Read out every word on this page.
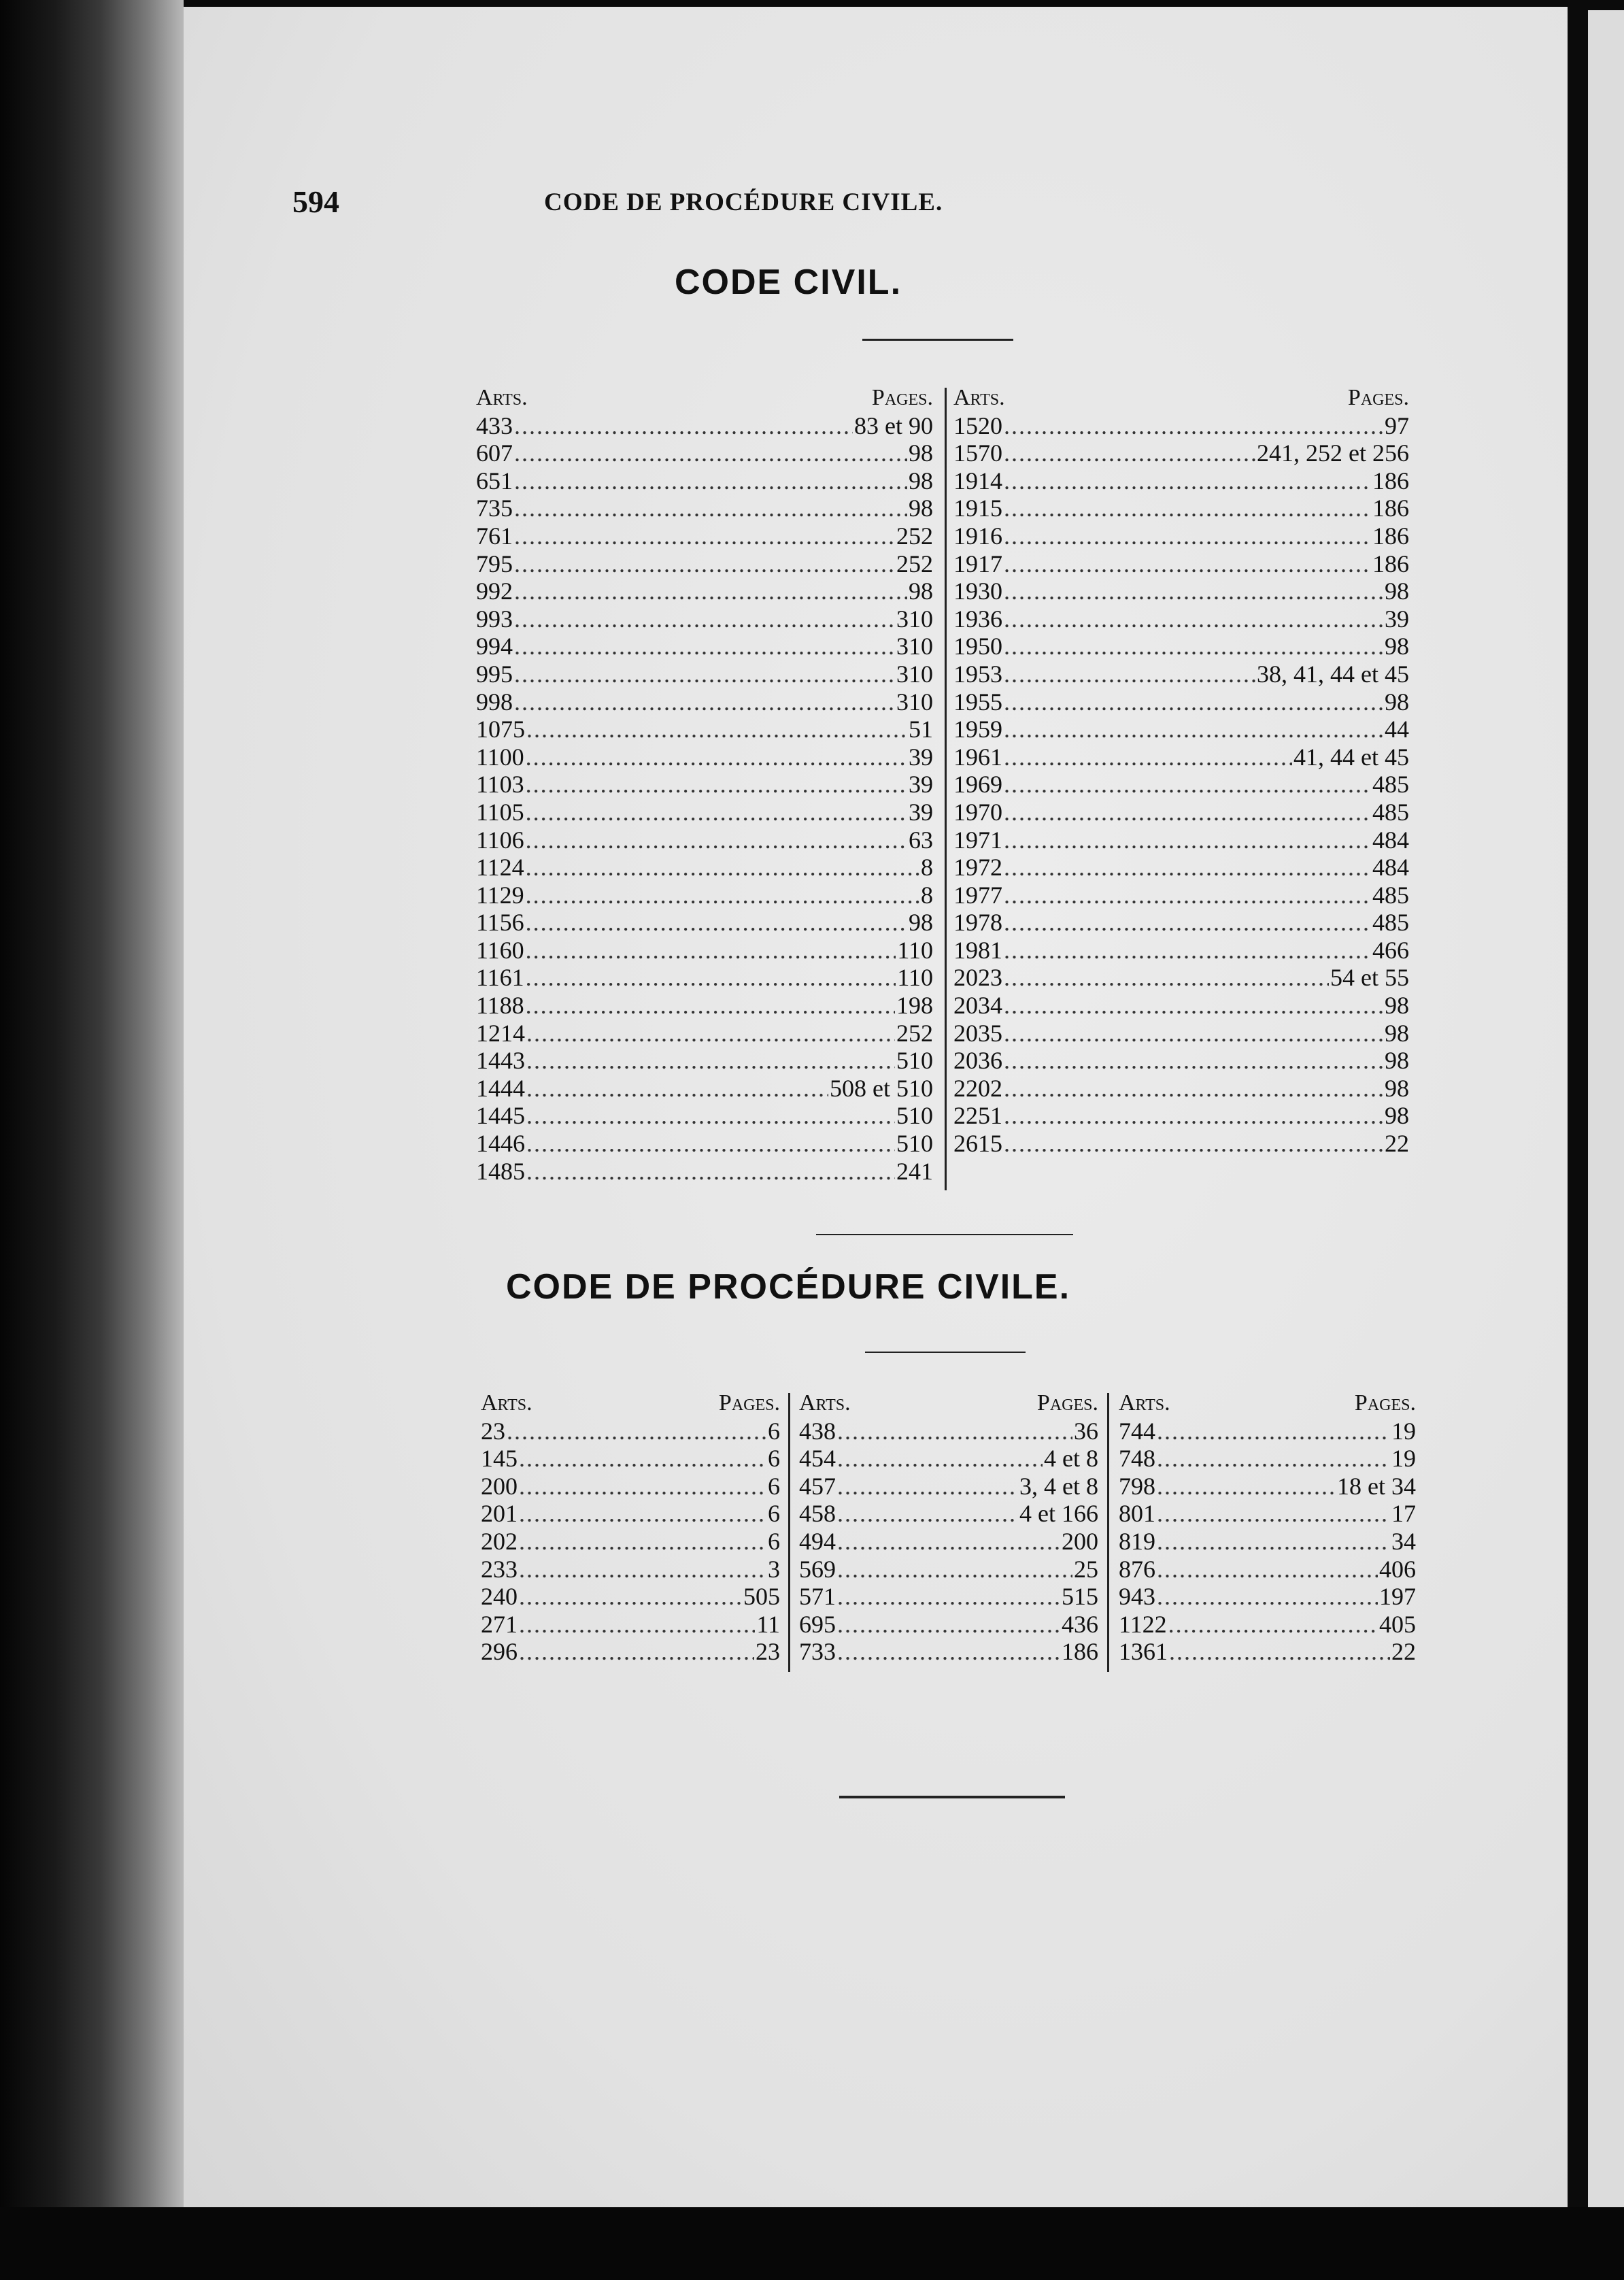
594	CODE DE PROCÉDURE CIVILE.
CODE CIVIL.
Arts.	Pages.
433 .....	83 et 90
607 .....	98
651 .....	98
735 .....	98
761 .....	252
795 .....	252
992 .....	98
993 .....	310
994 .....	310
995 .....	310
998 .....	310
1075 .....	51
1100 .....	39
1103 .....	39
1105 .....	39
1106 .....	63
1124 .....	8
1129 .....	8
1156 .....	98
1160 .....	110
1161 .....	110
1188 .....	198
1214 .....	252
1443 .....	510
1444 .....	508 et 510
1445 .....	510
1446 .....	510
1485 .....	241
Arts.	Pages.
1520 .....	97
1570 .....	241, 252 et 256
1914 .....	186
1915 .....	186
1916 .....	186
1917 .....	186
1930 .....	98
1936 .....	39
1950 .....	98
1953 .....	38, 41, 44 et 45
1955 .....	98
1959 .....	44
1961 .....	41, 44 et 45
1969 .....	485
1970 .....	485
1971 .....	484
1972 .....	484
1977 .....	485
1978 .....	485
1981 .....	466
2023 .....	54 et 55
2034 .....	98
2035 .....	98
2036 .....	98
2202 .....	98
2251 .....	98
2615 .....	22
CODE DE PROCÉDURE CIVILE.
Arts.	Pages.
23 .....	6
145 .....	6
200 .....	6
201 .....	6
202 .....	6
233 .....	3
240 .....	505
271 .....	11
296 .....	23
Arts.	Pages.
438 .....	36
454 .....	4 et 8
457 .....	3, 4 et 8
458 .....	4 et 166
494 .....	200
569 .....	25
571 .....	515
695 .....	436
733 .....	186
Arts.	Pages.
744 .....	19
748 .....	19
798 .....	18 et 34
801 .....	17
819 .....	34
876 .....	406
943 .....	197
1122 .....	405
1361 .....	22
